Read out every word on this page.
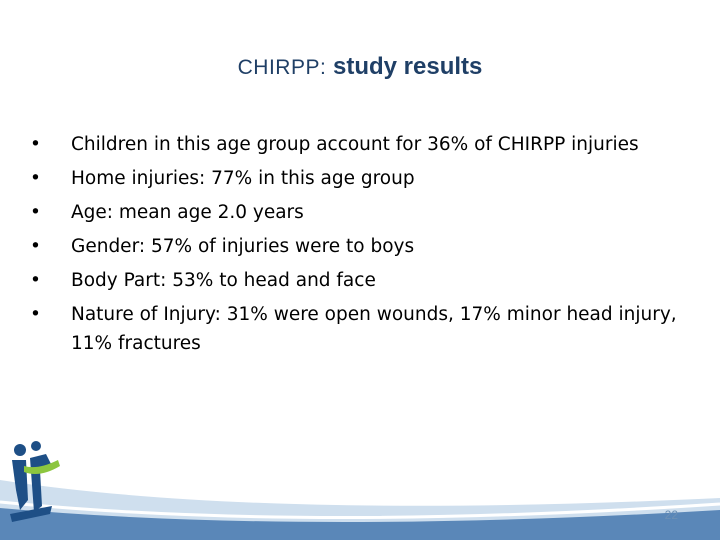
CHIRPP: study results
•	Children in this age group account for 36% of CHIRPP injuries
•	Home injuries: 77% in this age group
•	Age: mean age 2.0 years
•	Gender: 57% of injuries were to boys
•	Body Part: 53% to head and face
•	Nature of Injury: 31% were open wounds, 17% minor head injury, 11% fractures
22
